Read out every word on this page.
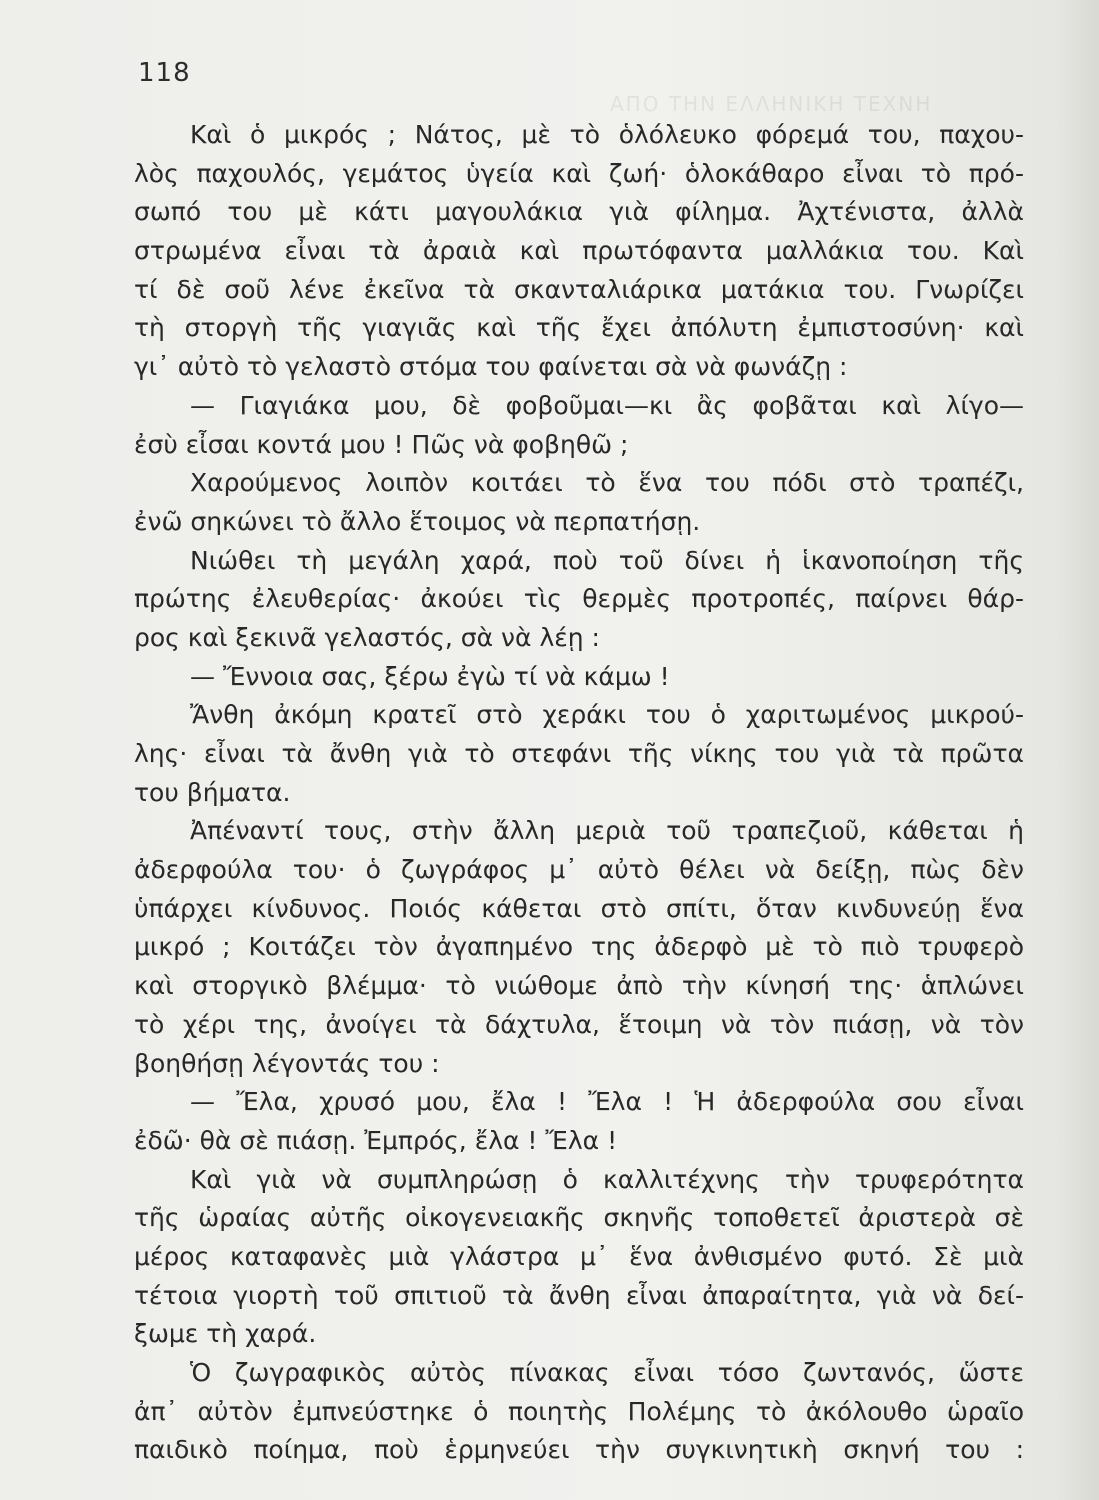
ΑΠΟ ΤΗΝ ΕΛΛΗΝΙΚΗ ΤΕΧΝΗ
118
Καὶ ὁ μικρός ; Νάτος, μὲ τὸ ὁλόλευκο φόρεμά του, παχου-
λὸς παχουλός, γεμάτος ὑγεία καὶ ζωή· ὁλοκάθαρο εἶναι τὸ πρό-
σωπό του μὲ κάτι μαγουλάκια γιὰ φίλημα. Ἀχτένιστα, ἀλλὰ
στρωμένα εἶναι τὰ ἀραιὰ καὶ πρωτόφαντα μαλλάκια του. Καὶ
τί δὲ σοῦ λένε ἐκεῖνα τὰ σκανταλιάρικα ματάκια του. Γνωρίζει
τὴ στοργὴ τῆς γιαγιᾶς καὶ τῆς ἔχει ἀπόλυτη ἐμπιστοσύνη· καὶ
γι᾽ αὐτὸ τὸ γελαστὸ στόμα του φαίνεται σὰ νὰ φωνάζῃ :
— Γιαγιάκα μου, δὲ φοβοῦμαι—κι ἂς φοβᾶται καὶ λίγο—
ἐσὺ εἶσαι κοντά μου ! Πῶς νὰ φοβηθῶ ;
Χαρούμενος λοιπὸν κοιτάει τὸ ἕνα του πόδι στὸ τραπέζι,
ἐνῶ σηκώνει τὸ ἄλλο ἕτοιμος νὰ περπατήσῃ.
Νιώθει τὴ μεγάλη χαρά, ποὺ τοῦ δίνει ἡ ἱκανοποίηση τῆς
πρώτης ἐλευθερίας· ἀκούει τὶς θερμὲς προτροπές, παίρνει θάρ-
ρος καὶ ξεκινᾶ γελαστός, σὰ νὰ λέῃ :
— Ἔννοια σας, ξέρω ἐγὼ τί νὰ κάμω !
Ἄνθη ἀκόμη κρατεῖ στὸ χεράκι του ὁ χαριτωμένος μικρού-
λης· εἶναι τὰ ἄνθη γιὰ τὸ στεφάνι τῆς νίκης του γιὰ τὰ πρῶτα
του βήματα.
Ἀπέναντί τους, στὴν ἄλλη μεριὰ τοῦ τραπεζιοῦ, κάθεται ἡ
ἀδερφούλα του· ὁ ζωγράφος μ᾽ αὐτὸ θέλει νὰ δείξῃ, πὼς δὲν
ὑπάρχει κίνδυνος. Ποιός κάθεται στὸ σπίτι, ὅταν κινδυνεύῃ ἕνα
μικρό ; Κοιτάζει τὸν ἀγαπημένο της ἀδερφὸ μὲ τὸ πιὸ τρυφερὸ
καὶ στοργικὸ βλέμμα· τὸ νιώθομε ἀπὸ τὴν κίνησή της· ἁπλώνει
τὸ χέρι της, ἀνοίγει τὰ δάχτυλα, ἕτοιμη νὰ τὸν πιάσῃ, νὰ τὸν
βοηθήσῃ λέγοντάς του :
— Ἔλα, χρυσό μου, ἔλα ! Ἔλα ! Ἡ ἀδερφούλα σου εἶναι
ἐδῶ· θὰ σὲ πιάσῃ. Ἐμπρός, ἔλα ! Ἔλα !
Καὶ γιὰ νὰ συμπληρώσῃ ὁ καλλιτέχνης τὴν τρυφερότητα
τῆς ὡραίας αὐτῆς οἰκογενειακῆς σκηνῆς τοποθετεῖ ἀριστερὰ σὲ
μέρος καταφανὲς μιὰ γλάστρα μ᾽ ἕνα ἀνθισμένο φυτό. Σὲ μιὰ
τέτοια γιορτὴ τοῦ σπιτιοῦ τὰ ἄνθη εἶναι ἀπαραίτητα, γιὰ νὰ δεί-
ξωμε τὴ χαρά.
Ὁ ζωγραφικὸς αὐτὸς πίνακας εἶναι τόσο ζωντανός, ὥστε
ἀπ᾽ αὐτὸν ἐμπνεύστηκε ὁ ποιητὴς Πολέμης τὸ ἀκόλουθο ὡραῖο
παιδικὸ ποίημα, ποὺ ἑρμηνεύει τὴν συγκινητικὴ σκηνή του :
